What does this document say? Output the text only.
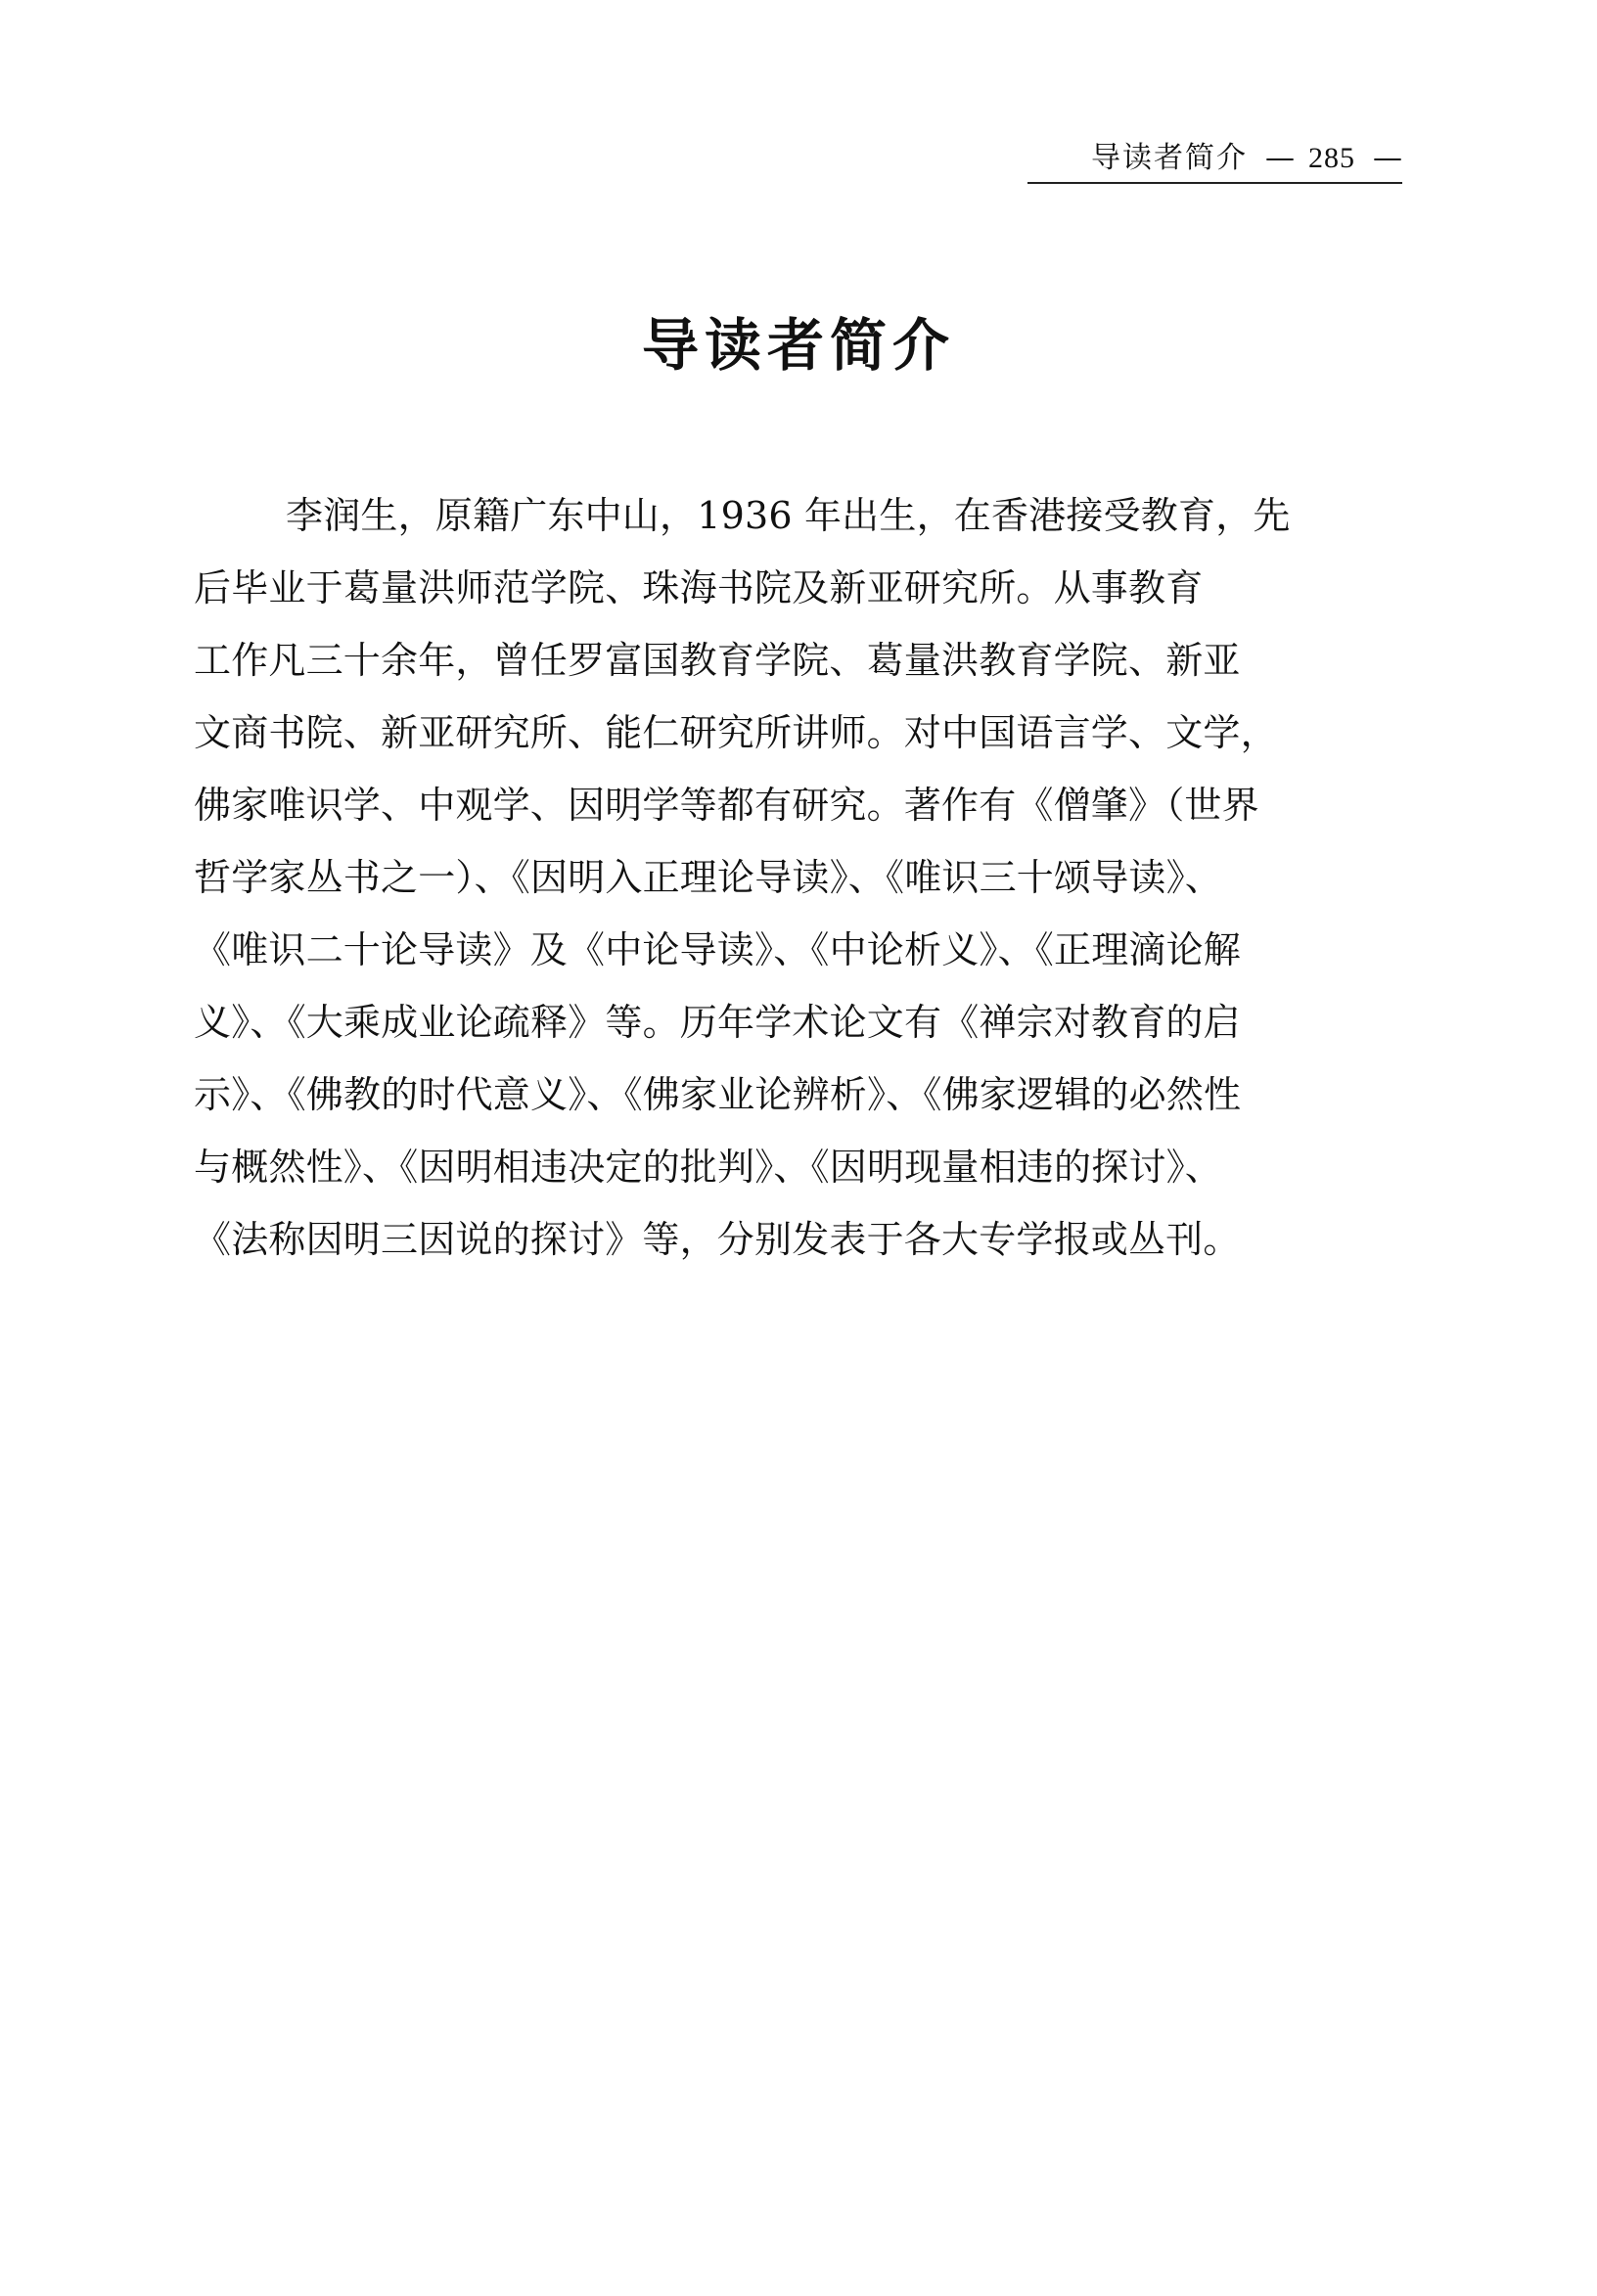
导读者简介 — 285 —
导读者简介

李润生，原籍广东中山，1936 年出生，在香港接受教育，先
后毕业于葛量洪师范学院、珠海书院及新亚研究所。从事教育
工作凡三十余年，曾任罗富国教育学院、葛量洪教育学院、新亚
文商书院、新亚研究所、能仁研究所讲师。对中国语言学、文学，
佛家唯识学、中观学、因明学等都有研究。著作有《僧肇》（世界
哲学家丛书之一）、《因明入正理论导读》、《唯识三十颂导读》、
《唯识二十论导读》及《中论导读》、《中论析义》、《正理滴论解
义》、《大乘成业论疏释》等。历年学术论文有《禅宗对教育的启
示》、《佛教的时代意义》、《佛家业论辨析》、《佛家逻辑的必然性
与概然性》、《因明相违决定的批判》、《因明现量相违的探讨》、
《法称因明三因说的探讨》等，分别发表于各大专学报或丛刊。
